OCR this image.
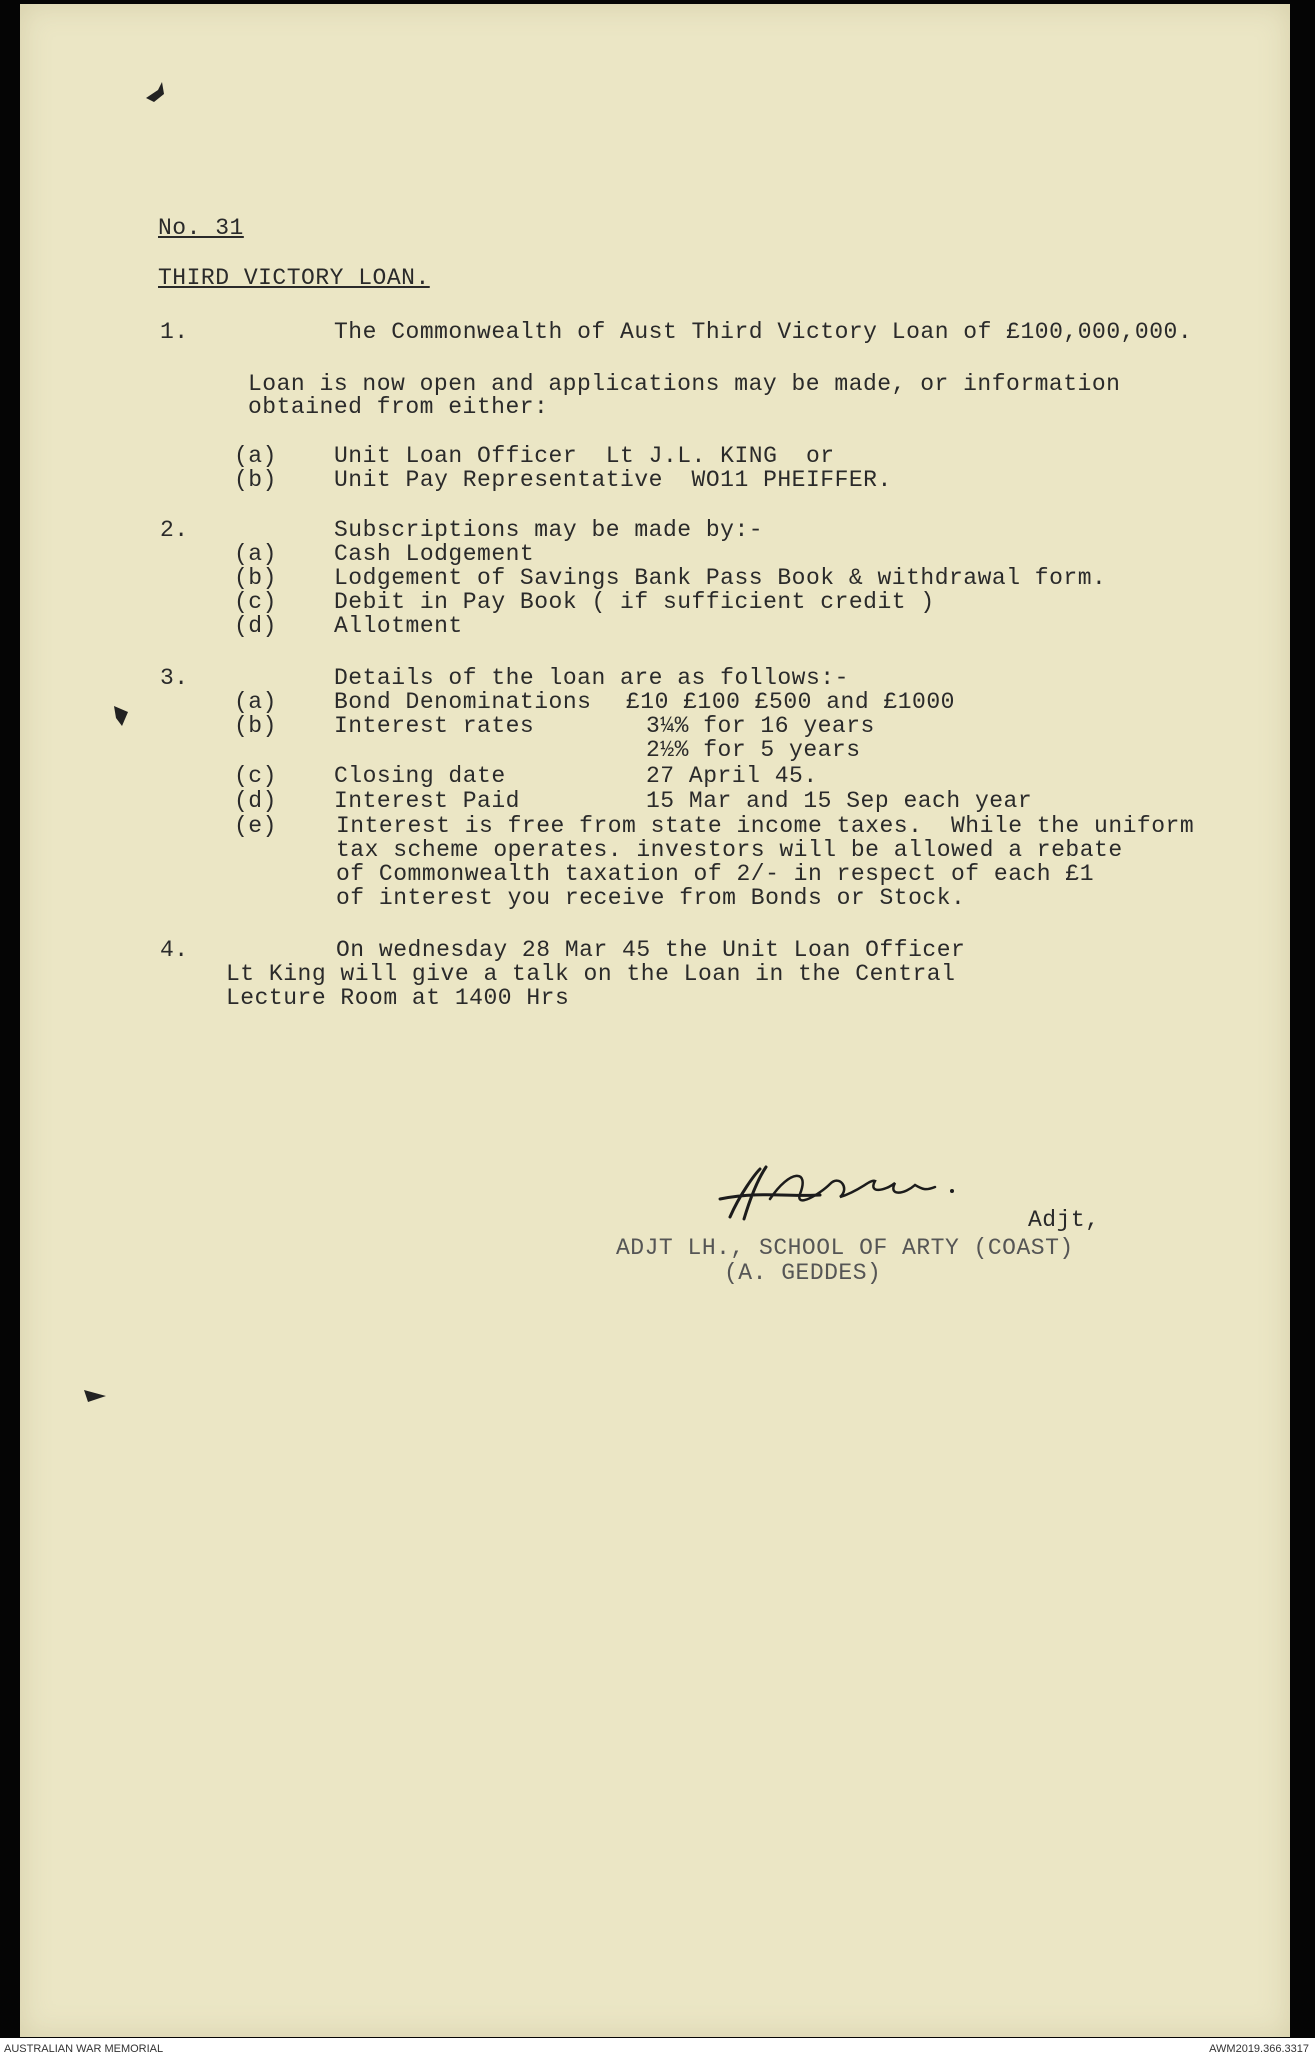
No. 31
THIRD VICTORY LOAN.
1.	The Commonwealth of Aust Third Victory Loan of £100,000,000.
Loan is now open and applications may be made, or information
obtained from either:
(a) Unit Loan Officer  Lt J.L. KING  or
(b) Unit Pay Representative  WO11 PHEIFFER.
2.	Subscriptions may be made by:-
(a) Cash Lodgement
(b) Lodgement of Savings Bank Pass Book & withdrawal form.
(c) Debit in Pay Book ( if sufficient credit )
(d) Allotment
3.	Details of the loan are as follows:-
(a) Bond Denominations £10 £100 £500 and £1000
(b) Interest rates	3¼% for 16 years
2½% for 5 years
(c) Closing date	27 April 45.
(d) Interest Paid	15 Mar and 15 Sep each year
(e)	Interest is free from state income taxes.  While the uniform
tax scheme operates. investors will be allowed a rebate
of Commonwealth taxation of 2/- in respect of each £1
of interest you receive from Bonds or Stock.
4.	On wednesday 28 Mar 45 the Unit Loan Officer
Lt King will give a talk on the Loan in the Central
Lecture Room at 1400 Hrs
Adjt,
ADJT LH., SCHOOL OF ARTY (COAST)
(A. GEDDES)
AUSTRALIAN WAR MEMORIAL	AWM2019.366.3317
